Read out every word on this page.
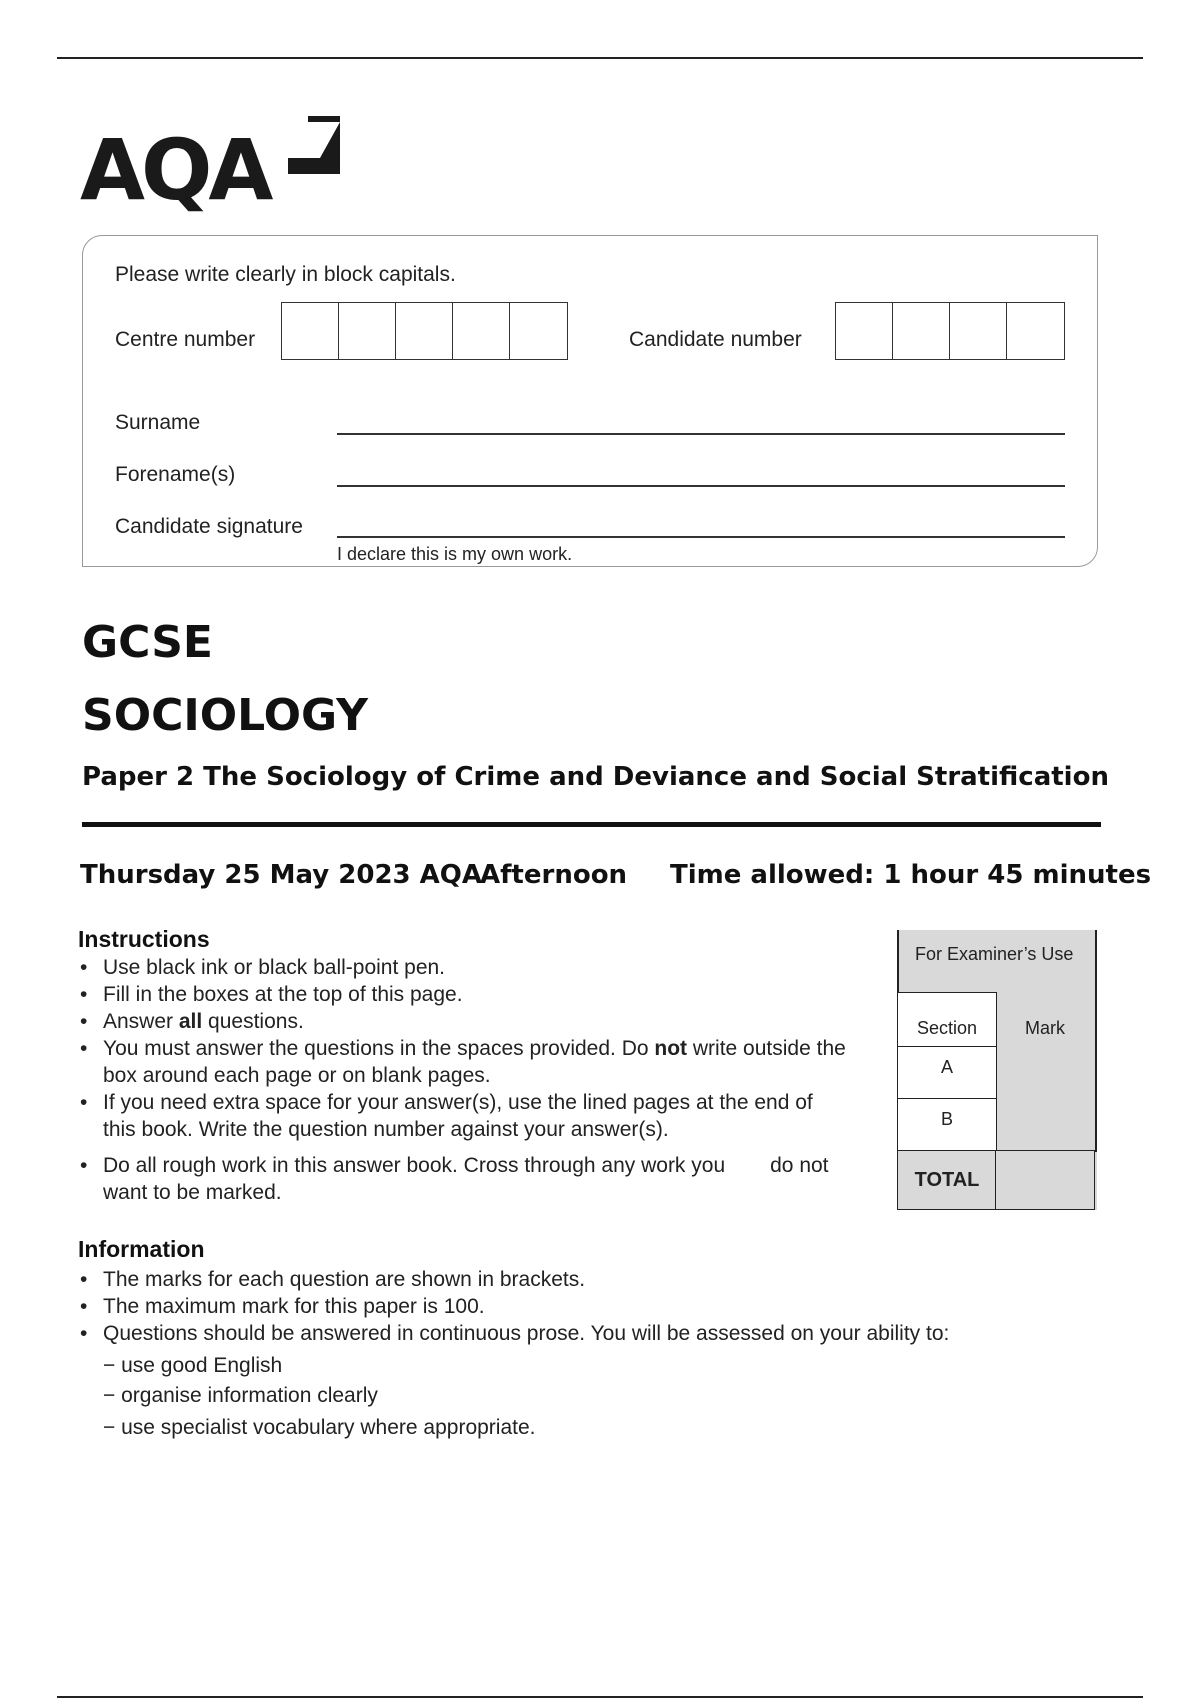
AQA
Please write clearly in block capitals.
Centre number	Candidate number
Surname
Forename(s)
Candidate signature
I declare this is my own work.
GCSE
SOCIOLOGY
Paper 2 The Sociology of Crime and Deviance and Social Stratification
Thursday 25 May 2023 AQA
Afternoon Time allowed: 1 hour 45 minutes
Instructions
• Use black ink or black ball-point pen.
• Fill in the boxes at the top of this page.
• Answer all questions.
• You must answer the questions in the spaces provided. Do not write outside the
box around each page or on blank pages.
• If you need extra space for your answer(s), use the lined pages at the end of
this book. Write the question number against your answer(s).
• Do all rough work in this answer book. Cross through any work you do not
want to be marked.
Information
• The marks for each question are shown in brackets.
• The maximum mark for this paper is 100.
• Questions should be answered in continuous prose. You will be assessed on your ability to:
− use good English
− organise information clearly
− use specialist vocabulary where appropriate.
For Examiner’s Use
Section	Mark
A
B
TOTAL
